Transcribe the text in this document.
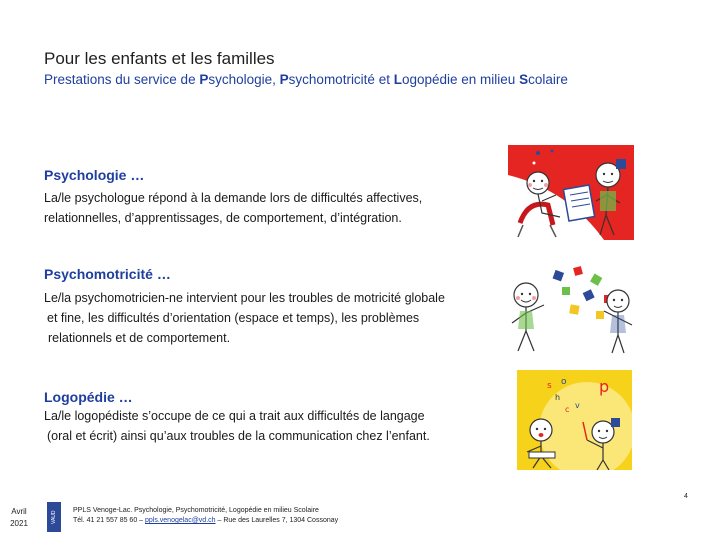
Pour les enfants et les familles
Prestations du service de Psychologie, Psychomotricité et Logopédie en milieu Scolaire
Psychologie …
La/le psychologue répond à la demande lors de difficultés affectives,
relationnelles, d’apprentissages, de comportement, d’intégration.
Psychomotricité …
Le/la psychomotricien-ne intervient pour les troubles de motricité globale
et fine, les difficultés d’orientation (espace et temps), les problèmes
relationnels et de comportement.
Logopédie …
La/le logopédiste s’occupe de ce qui a trait aux difficultés de langage
(oral et écrit) ainsi qu’aux troubles de la communication chez l’enfant.
s o p
h
v
c
4
Avril
2021	VAUD	PPLS Venoge-Lac. Psychologie, Psychomotricité, Logopédie en milieu Scolaire
Tél. 41 21 557 85 60 – ppls.venogelac@vd.ch – Rue des Laurelles 7, 1304 Cossonay
